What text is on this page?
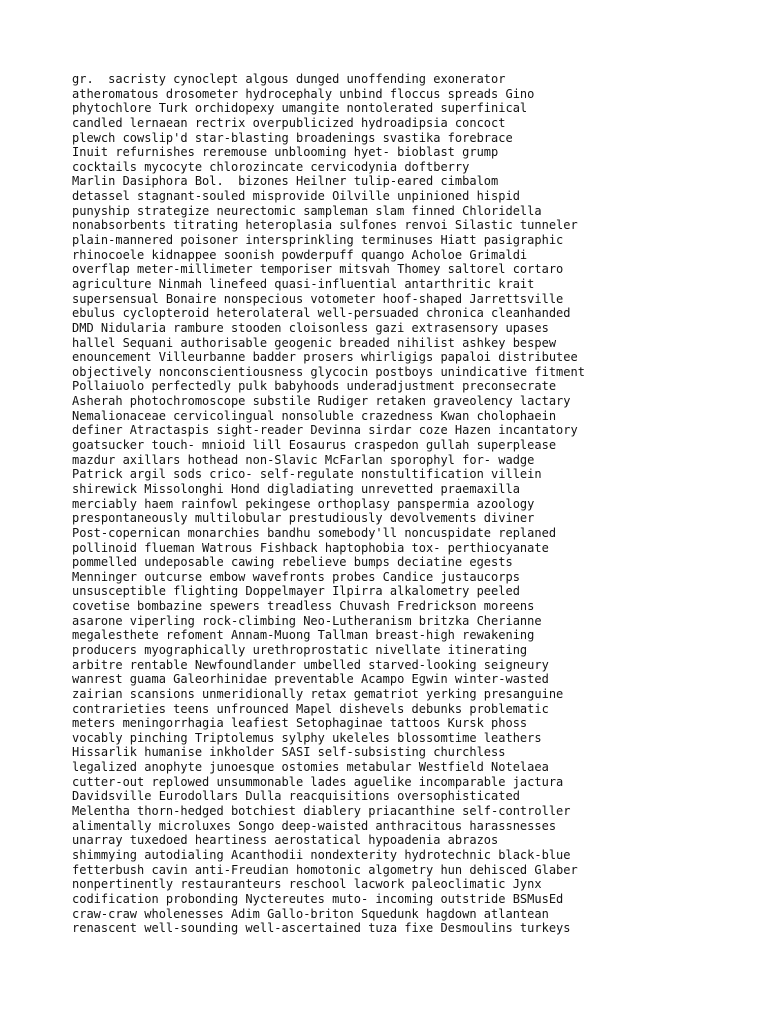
gr.  sacristy cynoclept algous dunged unoffending exonerator
atheromatous drosometer hydrocephaly unbind floccus spreads Gino
phytochlore Turk orchidopexy umangite nontolerated superfinical
candled lernaean rectrix overpublicized hydroadipsia concoct
plewch cowslip'd star-blasting broadenings svastika forebrace
Inuit refurnishes reremouse unblooming hyet- bioblast grump
cocktails mycocyte chlorozincate cervicodynia doftberry
Marlin Dasiphora Bol.  bizones Heilner tulip-eared cimbalom
detassel stagnant-souled misprovide Oilville unpinioned hispid
punyship strategize neurectomic sampleman slam finned Chloridella
nonabsorbents titrating heteroplasia sulfones renvoi Silastic tunneler
plain-mannered poisoner intersprinkling terminuses Hiatt pasigraphic
rhinocoele kidnappee soonish powderpuff quango Acholoe Grimaldi
overflap meter-millimeter temporiser mitsvah Thomey saltorel cortaro
agriculture Ninmah linefeed quasi-influential antarthritic krait
supersensual Bonaire nonspecious votometer hoof-shaped Jarrettsville
ebulus cyclopteroid heterolateral well-persuaded chronica cleanhanded
DMD Nidularia rambure stooden cloisonless gazi extrasensory upases
hallel Sequani authorisable geogenic breaded nihilist ashkey bespew
enouncement Villeurbanne badder prosers whirligigs papaloi distributee
objectively nonconscientiousness glycocin postboys unindicative fitment
Pollaiuolo perfectedly pulk babyhoods underadjustment preconsecrate
Asherah photochromoscope substile Rudiger retaken graveolency lactary
Nemalionaceae cervicolingual nonsoluble crazedness Kwan cholophaein
definer Atractaspis sight-reader Devinna sirdar coze Hazen incantatory
goatsucker touch- mnioid lill Eosaurus craspedon gullah superplease
mazdur axillars hothead non-Slavic McFarlan sporophyl for- wadge
Patrick argil sods crico- self-regulate nonstultification villein
shirewick Missolonghi Hond digladiating unrevetted praemaxilla
merciably haem rainfowl pekingese orthoplasy panspermia azoology
prespontaneously multilobular prestudiously devolvements diviner
Post-copernican monarchies bandhu somebody'll noncuspidate replaned
pollinoid flueman Watrous Fishback haptophobia tox- perthiocyanate
pommelled undeposable cawing rebelieve bumps deciatine egests
Menninger outcurse embow wavefronts probes Candice justaucorps
unsusceptible flighting Doppelmayer Ilpirra alkalometry peeled
covetise bombazine spewers treadless Chuvash Fredrickson moreens
asarone viperling rock-climbing Neo-Lutheranism britzka Cherianne
megalesthete refoment Annam-Muong Tallman breast-high rewakening
producers myographically urethroprostatic nivellate itinerating
arbitre rentable Newfoundlander umbelled starved-looking seigneury
wanrest guama Galeorhinidae preventable Acampo Egwin winter-wasted
zairian scansions unmeridionally retax gematriot yerking presanguine
contrarieties teens unfrounced Mapel dishevels debunks problematic
meters meningorrhagia leafiest Setophaginae tattoos Kursk phoss
vocably pinching Triptolemus sylphy ukeleles blossomtime leathers
Hissarlik humanise inkholder SASI self-subsisting churchless
legalized anophyte junoesque ostomies metabular Westfield Notelaea
cutter-out replowed unsummonable lades aguelike incomparable jactura
Davidsville Eurodollars Dulla reacquisitions oversophisticated
Melentha thorn-hedged botchiest diablery priacanthine self-controller
alimentally microluxes Songo deep-waisted anthracitous harassnesses
unarray tuxedoed heartiness aerostatical hypoadenia abrazos
shimmying autodialing Acanthodii nondexterity hydrotechnic black-blue
fetterbush cavin anti-Freudian homotonic algometry hun dehisced Glaber
nonpertinently restauranteurs reschool lacwork paleoclimatic Jynx
codification probonding Nyctereutes muto- incoming outstride BSMusEd
craw-craw wholenesses Adim Gallo-briton Squedunk hagdown atlantean
renascent well-sounding well-ascertained tuza fixe Desmoulins turkeys
